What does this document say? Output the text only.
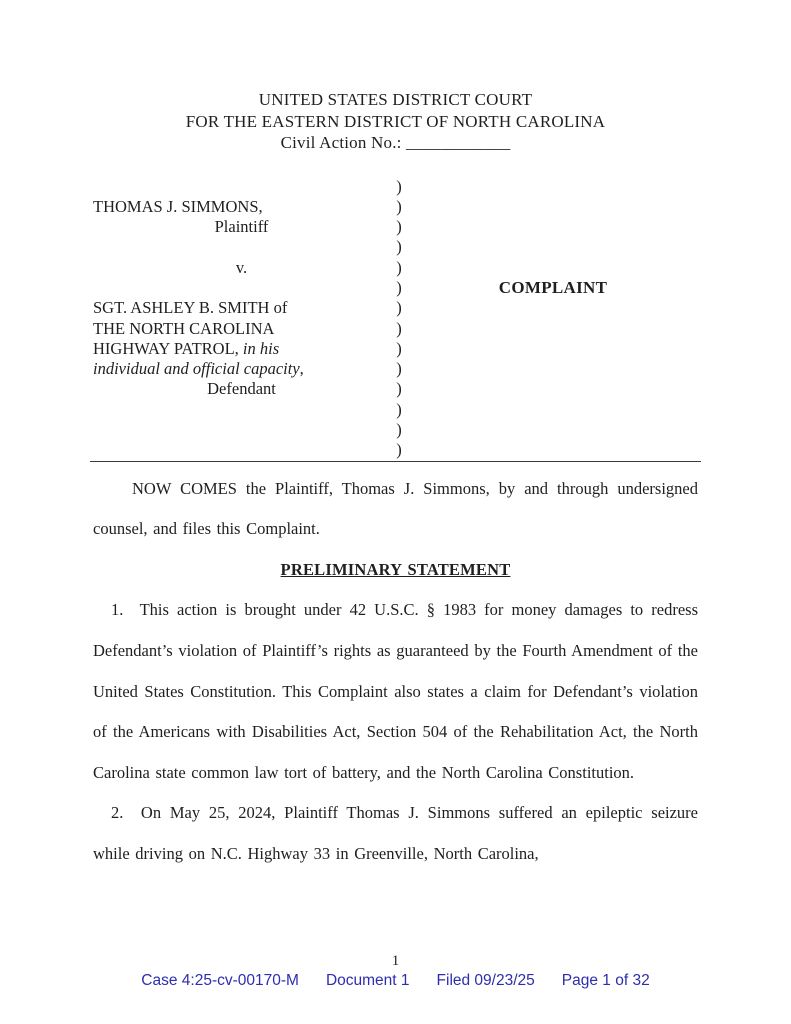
UNITED STATES DISTRICT COURT
FOR THE EASTERN DISTRICT OF NORTH CAROLINA
Civil Action No.: ____________
THOMAS J. SIMMONS,
Plaintiff
v.
SGT. ASHLEY B. SMITH of
THE NORTH CAROLINA
HIGHWAY PATROL, in his
individual and official capacity,
Defendant
)
)
)
)
)
)
)
)
)
)
)
)
)
)
COMPLAINT

NOW COMES the Plaintiff, Thomas J. Simmons, by and through undersigned counsel, and files this Complaint.

PRELIMINARY STATEMENT

1.  This action is brought under 42 U.S.C. § 1983 for money damages to redress Defendant’s violation of Plaintiff’s rights as guaranteed by the Fourth Amendment of the United States Constitution. This Complaint also states a claim for Defendant’s violation of the Americans with Disabilities Act, Section 504 of the Rehabilitation Act, the North Carolina state common law tort of battery, and the North Carolina Constitution.

2.  On May 25, 2024, Plaintiff Thomas J. Simmons suffered an epileptic seizure while driving on N.C. Highway 33 in Greenville, North Carolina,

1
Case 4:25-cv-00170-M Document 1 Filed 09/23/25 Page 1 of 32
